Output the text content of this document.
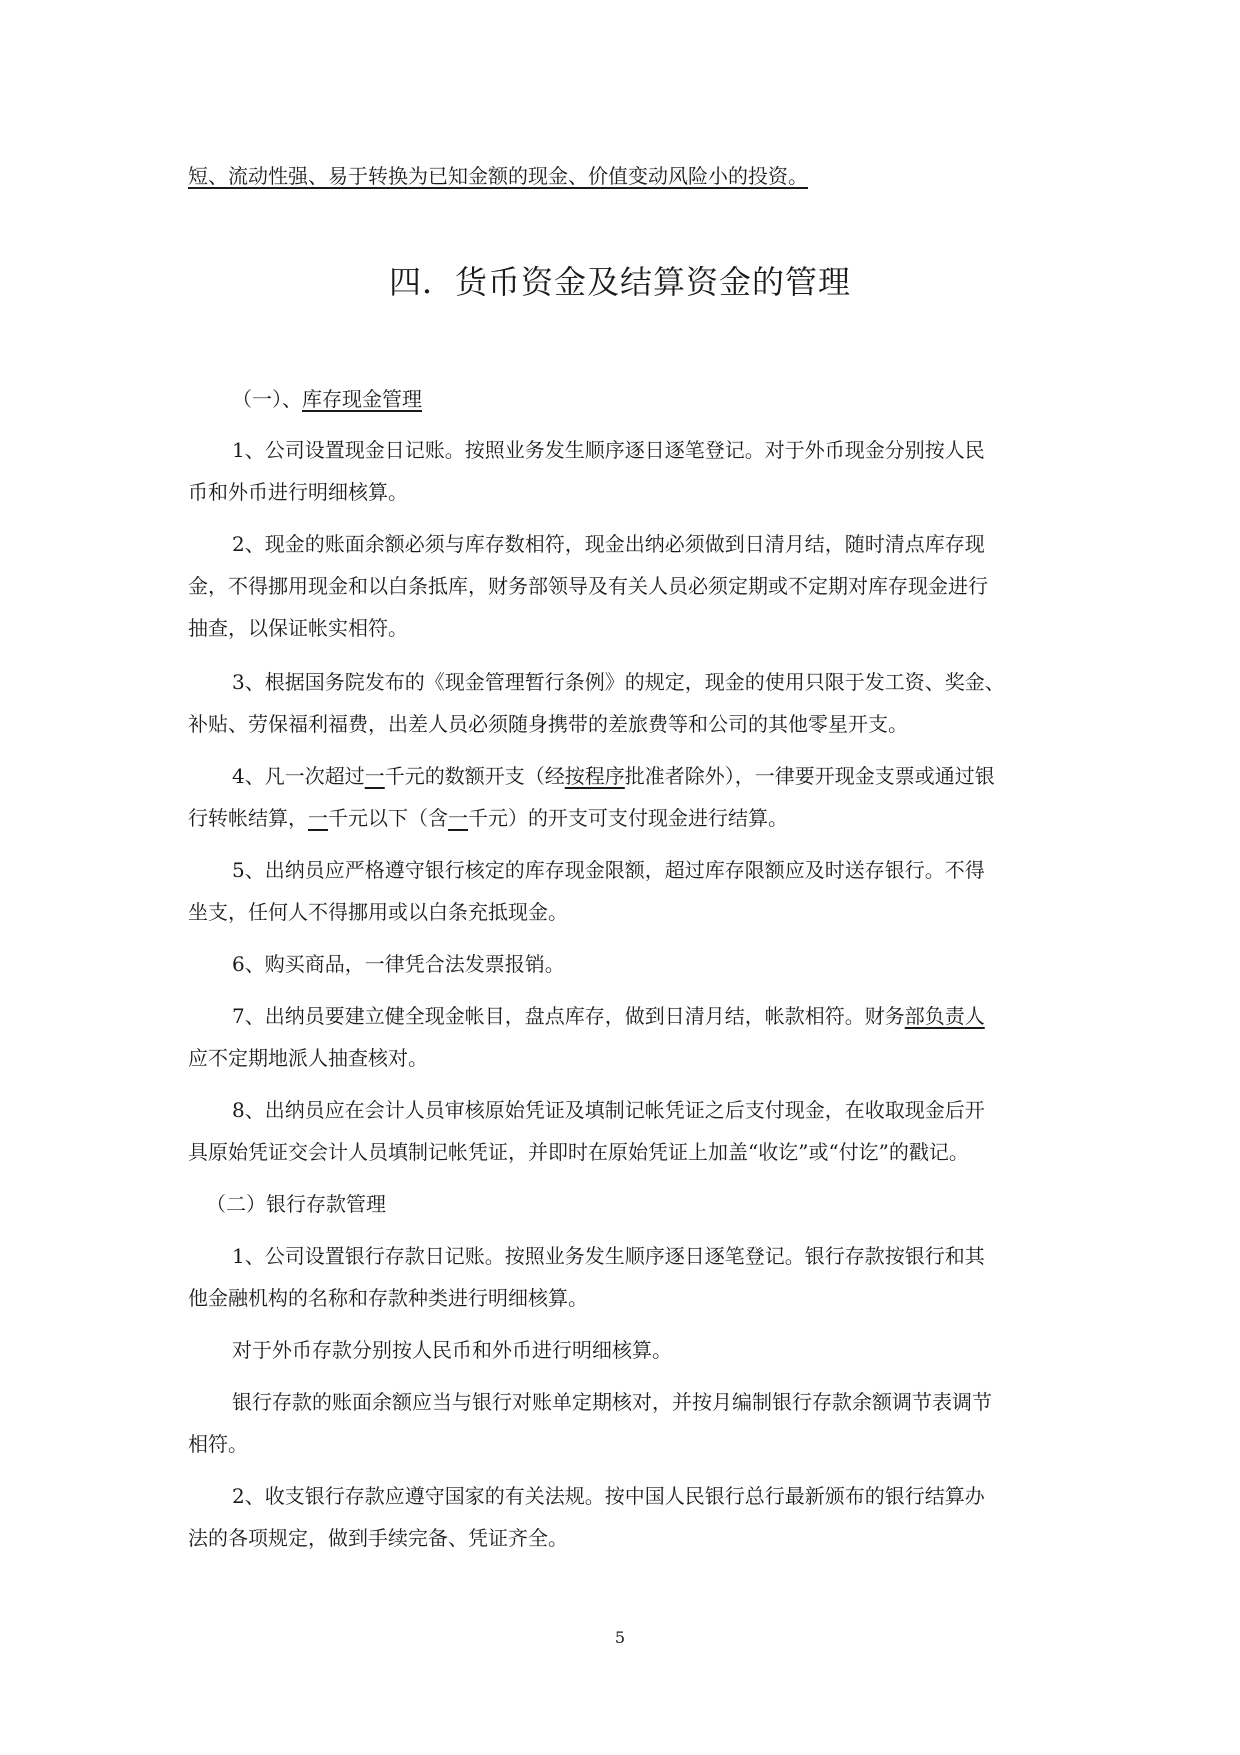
短、流动性强、易于转换为已知金额的现金、价值变动风险小的投资。

四．货币资金及结算资金的管理

（一）、库存现金管理

1、公司设置现金日记账。按照业务发生顺序逐日逐笔登记。对于外币现金分别按人民

币和外币进行明细核算。

2、现金的账面余额必须与库存数相符，现金出纳必须做到日清月结，随时清点库存现

金，不得挪用现金和以白条抵库，财务部领导及有关人员必须定期或不定期对库存现金进行

抽查，以保证帐实相符。

3、根据国务院发布的《现金管理暂行条例》的规定，现金的使用只限于发工资、奖金、

补贴、劳保福利福费，出差人员必须随身携带的差旅费等和公司的其他零星开支。

4、凡一次超过一千元的数额开支（经按程序批准者除外），一律要开现金支票或通过银

行转帐结算，一千元以下（含一千元）的开支可支付现金进行结算。

5、出纳员应严格遵守银行核定的库存现金限额，超过库存限额应及时送存银行。不得

坐支，任何人不得挪用或以白条充抵现金。

6、购买商品，一律凭合法发票报销。

7、出纳员要建立健全现金帐目，盘点库存，做到日清月结，帐款相符。财务部负责人

应不定期地派人抽查核对。

8、出纳员应在会计人员审核原始凭证及填制记帐凭证之后支付现金，在收取现金后开

具原始凭证交会计人员填制记帐凭证，并即时在原始凭证上加盖“收讫”或“付讫”的戳记。

（二）银行存款管理

1、公司设置银行存款日记账。按照业务发生顺序逐日逐笔登记。银行存款按银行和其

他金融机构的名称和存款种类进行明细核算。

对于外币存款分别按人民币和外币进行明细核算。

银行存款的账面余额应当与银行对账单定期核对，并按月编制银行存款余额调节表调节

相符。

2、收支银行存款应遵守国家的有关法规。按中国人民银行总行最新颁布的银行结算办

法的各项规定，做到手续完备、凭证齐全。

5
